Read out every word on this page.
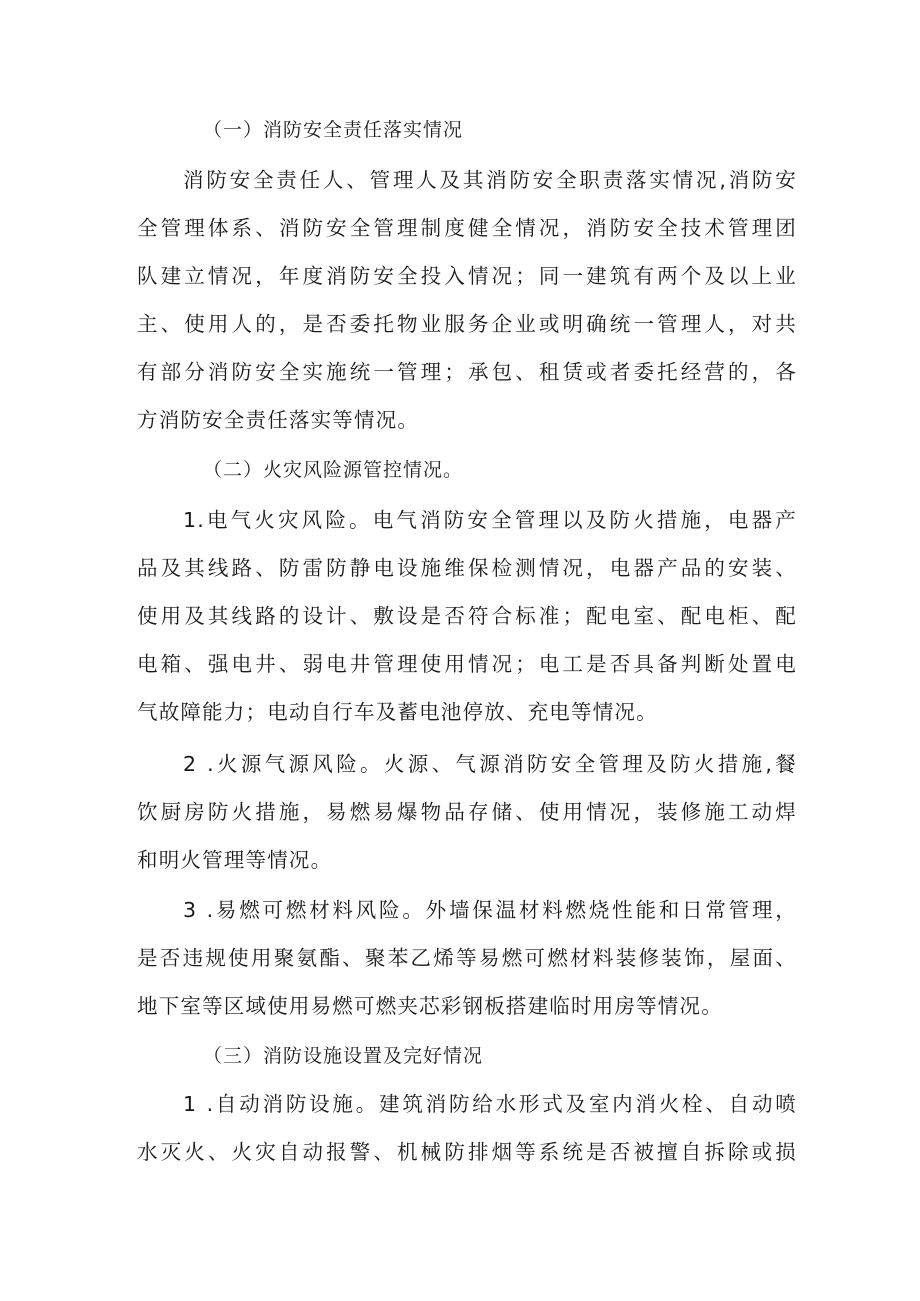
（一）消防安全责任落实情况
消防安全责任人、管理人及其消防安全职责落实情况,消防安
全管理体系、消防安全管理制度健全情况，消防安全技术管理团
队建立情况，年度消防安全投入情况；同一建筑有两个及以上业
主、使用人的，是否委托物业服务企业或明确统一管理人，对共
有部分消防安全实施统一管理；承包、租赁或者委托经营的，各
方消防安全责任落实等情况。
（二）火灾风险源管控情况。
1.电气火灾风险。电气消防安全管理以及防火措施，电器产
品及其线路、防雷防静电设施维保检测情况，电器产品的安装、
使用及其线路的设计、敷设是否符合标准；配电室、配电柜、配
电箱、强电井、弱电井管理使用情况；电工是否具备判断处置电
气故障能力；电动自行车及蓄电池停放、充电等情况。
2 .火源气源风险。火源、气源消防安全管理及防火措施,餐
饮厨房防火措施，易燃易爆物品存储、使用情况，装修施工动焊
和明火管理等情况。
3 .易燃可燃材料风险。外墙保温材料燃烧性能和日常管理，
是否违规使用聚氨酯、聚苯乙烯等易燃可燃材料装修装饰，屋面、
地下室等区域使用易燃可燃夹芯彩钢板搭建临时用房等情况。
（三）消防设施设置及完好情况
1 .自动消防设施。建筑消防给水形式及室内消火栓、自动喷
水灭火、火灾自动报警、机械防排烟等系统是否被擅自拆除或损
